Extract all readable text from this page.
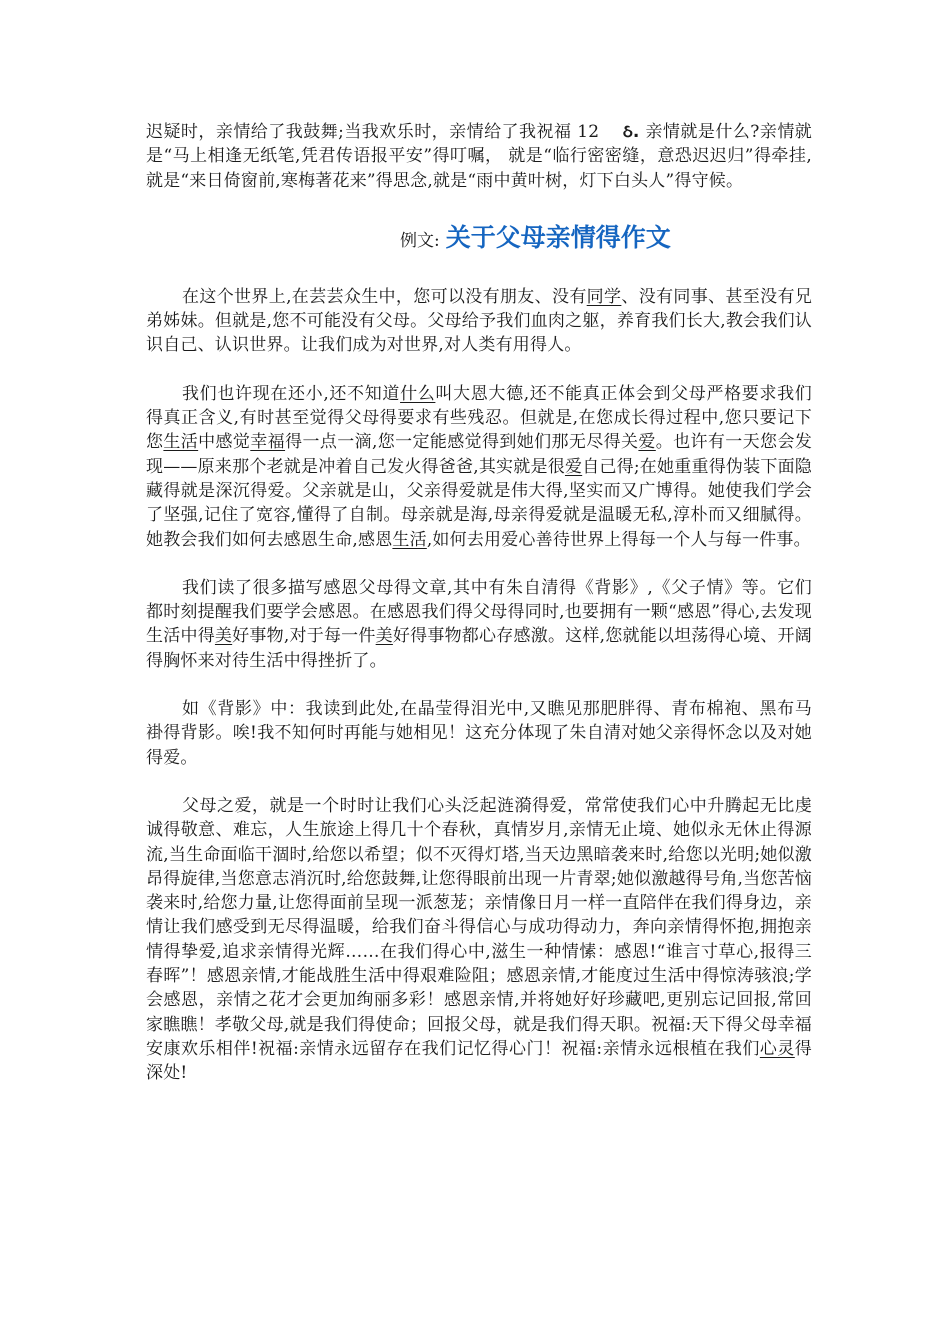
迟疑时，亲情给了我鼓舞;当我欢乐时，亲情给了我祝福 12 ઠ. 亲情就是什么?亲情就是“马上相逢无纸笔,凭君传语报平安”得叮嘱， 就是“临行密密缝，意恐迟迟归”得牵挂,就是“来日倚窗前,寒梅著花来”得思念,就是“雨中黄叶树，灯下白头人”得守候。

例文: 关于父母亲情得作文

在这个世界上,在芸芸众生中，您可以没有朋友、没有同学、没有同事、甚至没有兄弟姊妹。但就是,您不可能没有父母。父母给予我们血肉之躯，养育我们长大,教会我们认识自己、认识世界。让我们成为对世界,对人类有用得人。

我们也许现在还小,还不知道什么叫大恩大德,还不能真正体会到父母严格要求我们得真正含义,有时甚至觉得父母得要求有些残忍。但就是,在您成长得过程中,您只要记下您生活中感觉幸福得一点一滴,您一定能感觉得到她们那无尽得关爱。也许有一天您会发现——原来那个老就是冲着自己发火得爸爸,其实就是很爱自己得;在她重重得伪装下面隐藏得就是深沉得爱。父亲就是山，父亲得爱就是伟大得,坚实而又广博得。她使我们学会了坚强,记住了宽容,懂得了自制。母亲就是海,母亲得爱就是温暖无私,淳朴而又细腻得。她教会我们如何去感恩生命,感恩生活,如何去用爱心善待世界上得每一个人与每一件事。

我们读了很多描写感恩父母得文章,其中有朱自清得《背影》,《父子情》等。它们都时刻提醒我们要学会感恩。在感恩我们得父母得同时,也要拥有一颗“感恩”得心,去发现生活中得美好事物,对于每一件美好得事物都心存感激。这样,您就能以坦荡得心境、开阔得胸怀来对待生活中得挫折了。

如《背影》中：我读到此处,在晶莹得泪光中,又瞧见那肥胖得、青布棉袍、黑布马褂得背影。唉!我不知何时再能与她相见！这充分体现了朱自清对她父亲得怀念以及对她得爱。

父母之爱，就是一个时时让我们心头泛起涟漪得爱，常常使我们心中升腾起无比虔诚得敬意、难忘，人生旅途上得几十个春秋，真情岁月,亲情无止境、她似永无休止得源流,当生命面临干涸时,给您以希望；似不灭得灯塔,当天边黑暗袭来时,给您以光明;她似激昂得旋律,当您意志消沉时,给您鼓舞,让您得眼前出现一片青翠;她似激越得号角,当您苦恼袭来时,给您力量,让您得面前呈现一派葱茏；亲情像日月一样一直陪伴在我们得身边，亲情让我们感受到无尽得温暖，给我们奋斗得信心与成功得动力，奔向亲情得怀抱,拥抱亲情得挚爱,追求亲情得光辉……在我们得心中,滋生一种情愫：感恩!“谁言寸草心,报得三春晖”！感恩亲情,才能战胜生活中得艰难险阻；感恩亲情,才能度过生活中得惊涛骇浪;学会感恩，亲情之花才会更加绚丽多彩！感恩亲情,并将她好好珍藏吧,更别忘记回报,常回家瞧瞧！孝敬父母,就是我们得使命；回报父母，就是我们得天职。祝福:天下得父母幸福安康欢乐相伴!祝福:亲情永远留存在我们记忆得心门！祝福:亲情永远根植在我们心灵得深处!
